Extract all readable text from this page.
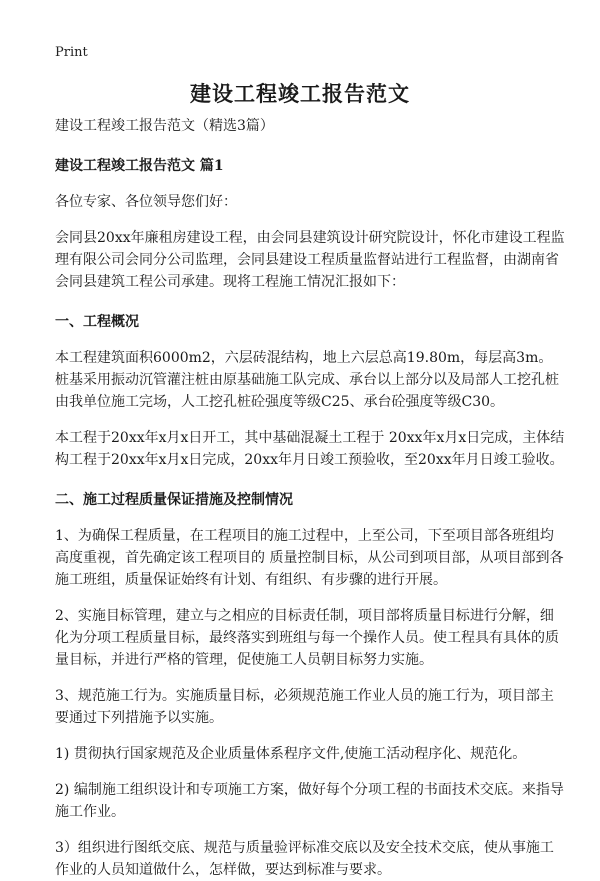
Print
建设工程竣工报告范文

建设工程竣工报告范文（精选3篇）

建设工程竣工报告范文 篇1

各位专家、各位领导您们好：

会同县20xx年廉租房建设工程，由会同县建筑设计研究院设计，怀化市建设工程监理有限公司会同分公司监理，会同县建设工程质量监督站进行工程监督，由湖南省会同县建筑工程公司承建。现将工程施工情况汇报如下：

一、工程概况

本工程建筑面积6000m2，六层砖混结构，地上六层总高19.80m，每层高3m。桩基采用振动沉管灌注桩由原基础施工队完成、承台以上部分以及局部人工挖孔桩由我单位施工完场，人工挖孔桩砼强度等级C25、承台砼强度等级C30。

本工程于20xx年x月x日开工，其中基础混凝土工程于 20xx年x月x日完成，主体结构工程于20xx年x月x日完成，20xx年月日竣工预验收，至20xx年月日竣工验收。

二、施工过程质量保证措施及控制情况

1、为确保工程质量，在工程项目的施工过程中，上至公司，下至项目部各班组均高度重视，首先确定该工程项目的 质量控制目标，从公司到项目部，从项目部到各施工班组，质量保证始终有计划、有组织、有步骤的进行开展。

2、实施目标管理，建立与之相应的目标责任制，项目部将质量目标进行分解，细化为分项工程质量目标，最终落实到班组与每一个操作人员。使工程具有具体的质量目标，并进行严格的管理，促使施工人员朝目标努力实施。

3、规范施工行为。实施质量目标，必须规范施工作业人员的施工行为，项目部主要通过下列措施予以实施。

1) 贯彻执行国家规范及企业质量体系程序文件,使施工活动程序化、规范化。

2) 编制施工组织设计和专项施工方案，做好每个分项工程的书面技术交底。来指导施工作业。

3）组织进行图纸交底、规范与质量验评标准交底以及安全技术交底，使从事施工作业的人员知道做什么，怎样做，要达到标准与要求。
